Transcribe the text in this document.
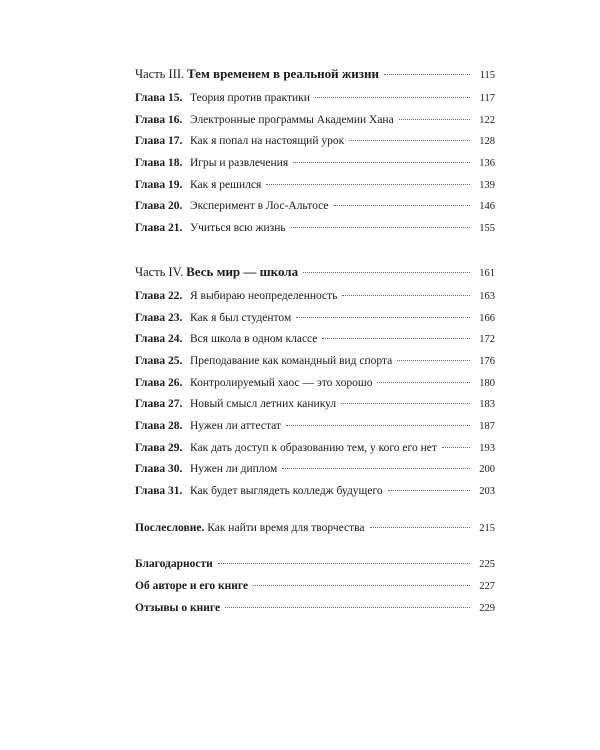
Часть III. Тем временем в реальной жизни	115
Глава 15. Теория против практики	117
Глава 16. Электронные программы Академии Хана	122
Глава 17. Как я попал на настоящий урок	128
Глава 18. Игры и развлечения	136
Глава 19. Как я решился	139
Глава 20. Эксперимент в Лос-Альтосе	146
Глава 21. Учиться всю жизнь	155
Часть IV. Весь мир — школа	161
Глава 22. Я выбираю неопределенность	163
Глава 23. Как я был студентом	166
Глава 24. Вся школа в одном классе	172
Глава 25. Преподавание как командный вид спорта	176
Глава 26. Контролируемый хаос — это хорошо	180
Глава 27. Новый смысл летних каникул	183
Глава 28. Нужен ли аттестат	187
Глава 29. Как дать доступ к образованию тем, у кого его нет	193
Глава 30. Нужен ли диплом	200
Глава 31. Как будет выглядеть колледж будущего	203
Послесловие. Как найти время для творчества	215
Благодарности	225
Об авторе и его книге	227
Отзывы о книге	229
